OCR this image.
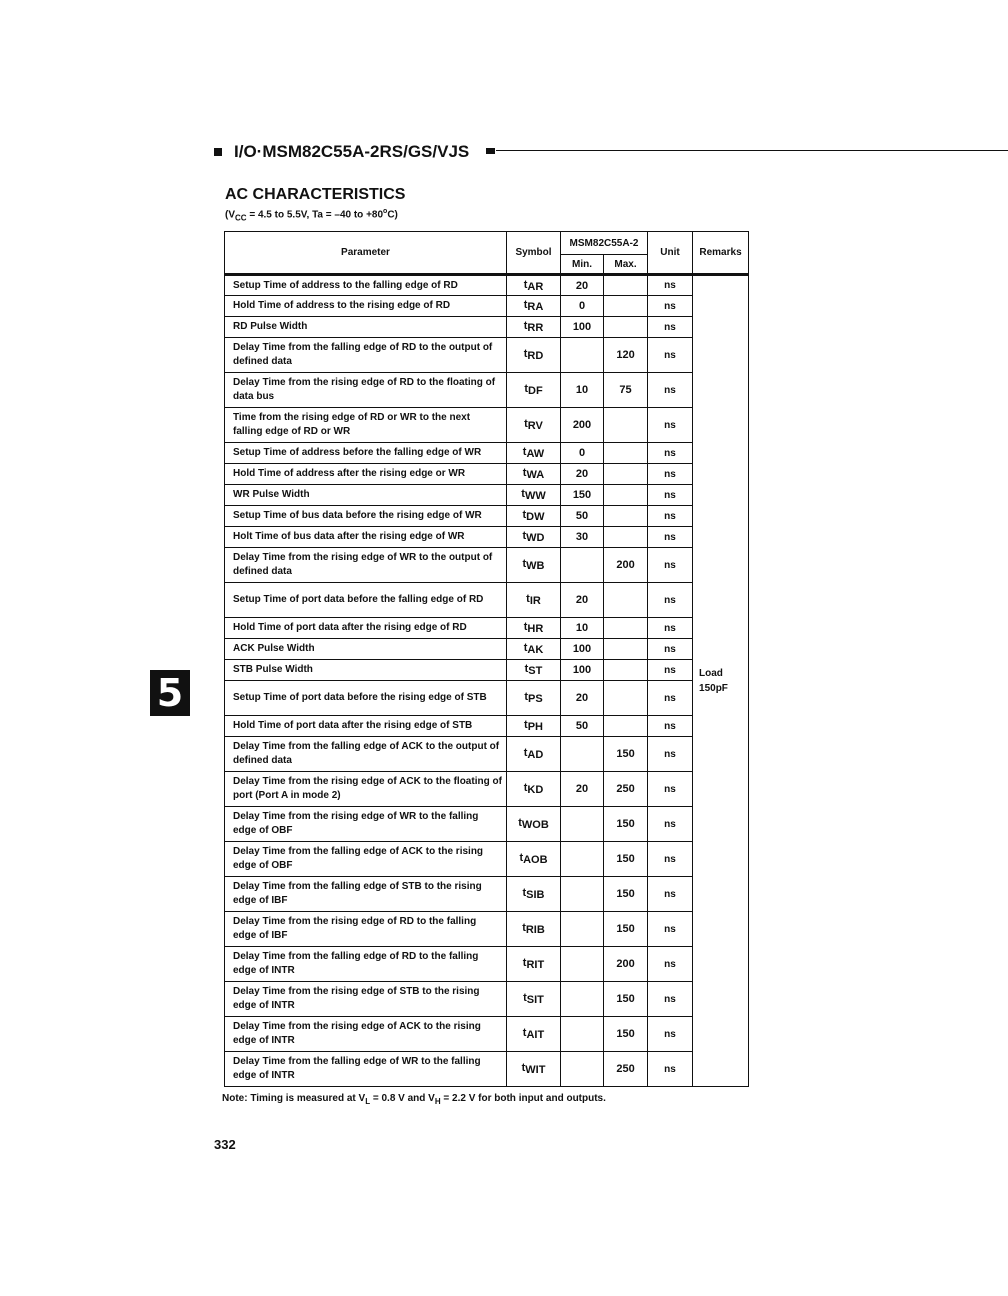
I/O·MSM82C55A-2RS/GS/VJS
AC CHARACTERISTICS
($V_{CC} = 4.5$ to 5.5V, Ta = –40 to $+80^oC$)
Parameter	Symbol	MSM82C55A-2		Unit	Remarks
		Min.	Max.		
Setup Time of address to the falling edge of RD	tAR	20		ns	Load 150pF
Hold Time of address to the rising edge of RD	tRA	0		ns	
RD Pulse Width	tRR	100		ns	
Delay Time from the falling edge of RD to the output of defined data	tRD		120	ns	
Delay Time from the rising edge of RD to the floating of data bus	tDF	10	75	ns	
Time from the rising edge of RD or WR to the next falling edge of RD or WR	tRV	200		ns	
Setup Time of address before the falling edge of WR	tAW	0		ns	
Hold Time of address after the rising edge or WR	tWA	20		ns	
WR Pulse Width	tWW	150		ns	
Setup Time of bus data before the rising edge of WR	tDW	50		ns	
Holt Time of bus data after the rising edge of WR	tWD	30		ns	
Delay Time from the rising edge of WR to the output of defined data	tWB		200	ns	
Setup Time of port data before the falling edge of RD	tIR	20		ns	
Hold Time of port data after the rising edge of RD	tHR	10		ns	
ACK Pulse Width	tAK	100		ns	
STB Pulse Width	tST	100		ns	
Setup Time of port data before the rising edge of STB	tPS	20		ns	
Hold Time of port data after the rising edge of STB	tPH	50		ns	
Delay Time from the falling edge of ACK to the output of defined data	tAD		150	ns	
Delay Time from the rising edge of ACK to the floating of port (Port A in mode 2)	tKD	20	250	ns	
Delay Time from the rising edge of WR to the falling edge of OBF	tWOB		150	ns	
Delay Time from the falling edge of ACK to the rising edge of OBF	tAOB		150	ns	
Delay Time from the falling edge of STB to the rising edge of IBF	tSIB		150	ns	
Delay Time from the rising edge of RD to the falling edge of IBF	tRIB		150	ns	
Delay Time from the falling edge of RD to the falling edge of INTR	tRIT		200	ns	
Delay Time from the rising edge of STB to the rising edge of INTR	tSIT		150	ns	
Delay Time from the rising edge of ACK to the rising edge of INTR	tAIT		150	ns	
Delay Time from the falling edge of WR to the falling edge of INTR	tWIT		250	ns	
Note: Timing is measured at $V_L = 0.8$ V and $V_H = 2.2$ V for both input and outputs.
5
332
